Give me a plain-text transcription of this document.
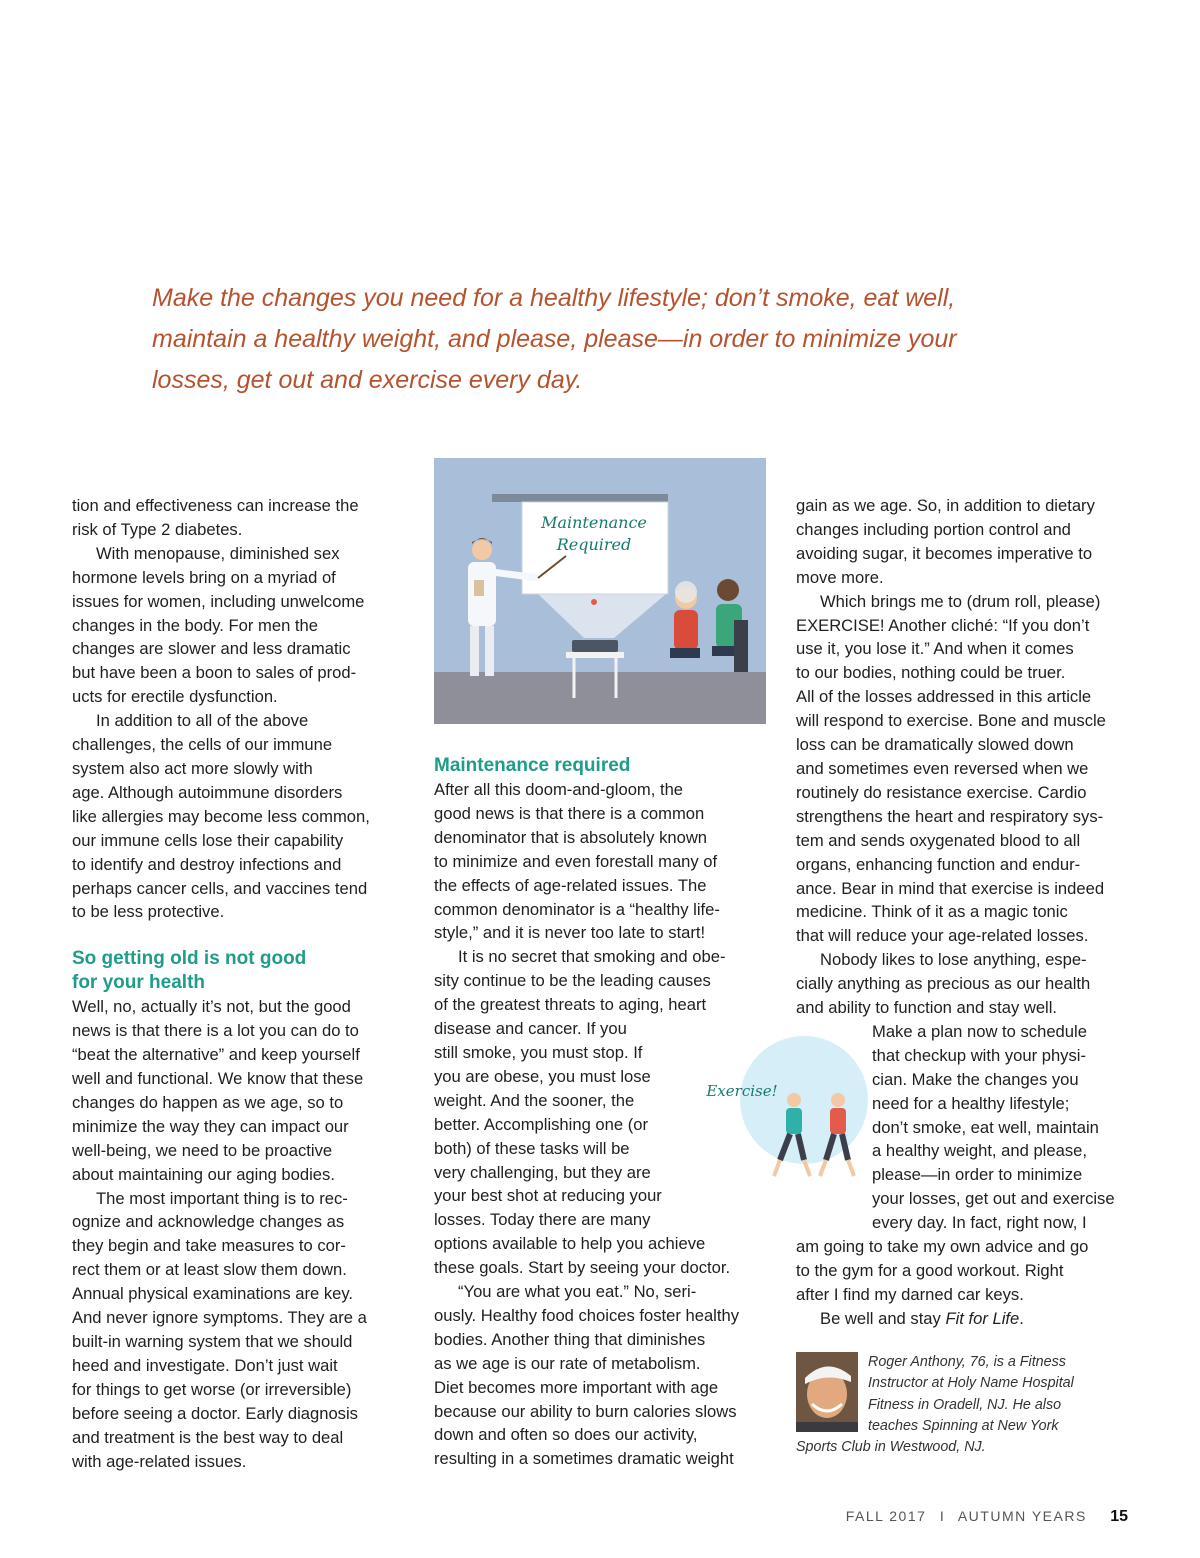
Make the changes you need for a healthy lifestyle; don’t smoke, eat well,
maintain a healthy weight, and please, please—in order to minimize your
losses, get out and exercise every day.

tion and effectiveness can increase the
risk of Type 2 diabetes.
With menopause, diminished sex
hormone levels bring on a myriad of
issues for women, including unwelcome
changes in the body. For men the
changes are slower and less dramatic
but have been a boon to sales of prod-
ucts for erectile dysfunction.
In addition to all of the above
challenges, the cells of our immune
system also act more slowly with
age. Although autoimmune disorders
like allergies may become less common,
our immune cells lose their capability
to identify and destroy infections and
perhaps cancer cells, and vaccines tend
to be less protective.
So getting old is not good
for your health
Well, no, actually it’s not, but the good
news is that there is a lot you can do to
“beat the alternative” and keep yourself
well and functional. We know that these
changes do happen as we age, so to
minimize the way they can impact our
well-being, we need to be proactive
about maintaining our aging bodies.
The most important thing is to rec-
ognize and acknowledge changes as
they begin and take measures to cor-
rect them or at least slow them down.
Annual physical examinations are key.
And never ignore symptoms. They are a
built-in warning system that we should
heed and investigate. Don’t just wait
for things to get worse (or irreversible)
before seeing a doctor. Early diagnosis
and treatment is the best way to deal
with age-related issues.
Maintenance
Required
Maintenance required
After all this doom-and-gloom, the
good news is that there is a common
denominator that is absolutely known
to minimize and even forestall many of
the effects of age-related issues. The
common denominator is a “healthy life-
style,” and it is never too late to start!
It is no secret that smoking and obe-
sity continue to be the leading causes
of the greatest threats to aging, heart
disease and cancer. If you
still smoke, you must stop. If
you are obese, you must lose
weight. And the sooner, the
better. Accomplishing one (or
both) of these tasks will be
very challenging, but they are
your best shot at reducing your
losses. Today there are many
options available to help you achieve
these goals. Start by seeing your doctor.
“You are what you eat.” No, seri-
ously. Healthy food choices foster healthy
bodies. Another thing that diminishes
as we age is our rate of metabolism.
Diet becomes more important with age
because our ability to burn calories slows
down and often so does our activity,
resulting in a sometimes dramatic weight
Exercise!
gain as we age. So, in addition to dietary
changes including portion control and
avoiding sugar, it becomes imperative to
move more.
Which brings me to (drum roll, please)
EXERCISE! Another cliché: “If you don’t
use it, you lose it.” And when it comes
to our bodies, nothing could be truer.
All of the losses addressed in this article
will respond to exercise. Bone and muscle
loss can be dramatically slowed down
and sometimes even reversed when we
routinely do resistance exercise. Cardio
strengthens the heart and respiratory sys-
tem and sends oxygenated blood to all
organs, enhancing function and endur-
ance. Bear in mind that exercise is indeed
medicine. Think of it as a magic tonic
that will reduce your age-related losses.
Nobody likes to lose anything, espe-
cially anything as precious as our health
and ability to function and stay well.
Make a plan now to schedule
that checkup with your physi-
cian. Make the changes you
need for a healthy lifestyle;
don’t smoke, eat well, maintain
a healthy weight, and please,
please—in order to minimize
your losses, get out and exercise
every day. In fact, right now, I
am going to take my own advice and go
to the gym for a good workout. Right
after I find my darned car keys.
Be well and stay Fit for Life.
Roger Anthony, 76, is a Fitness
Instructor at Holy Name Hospital
Fitness in Oradell, NJ. He also
teaches Spinning at New York
Sports Club in Westwood, NJ.
FALL 2017 I AUTUMN YEARS 15
